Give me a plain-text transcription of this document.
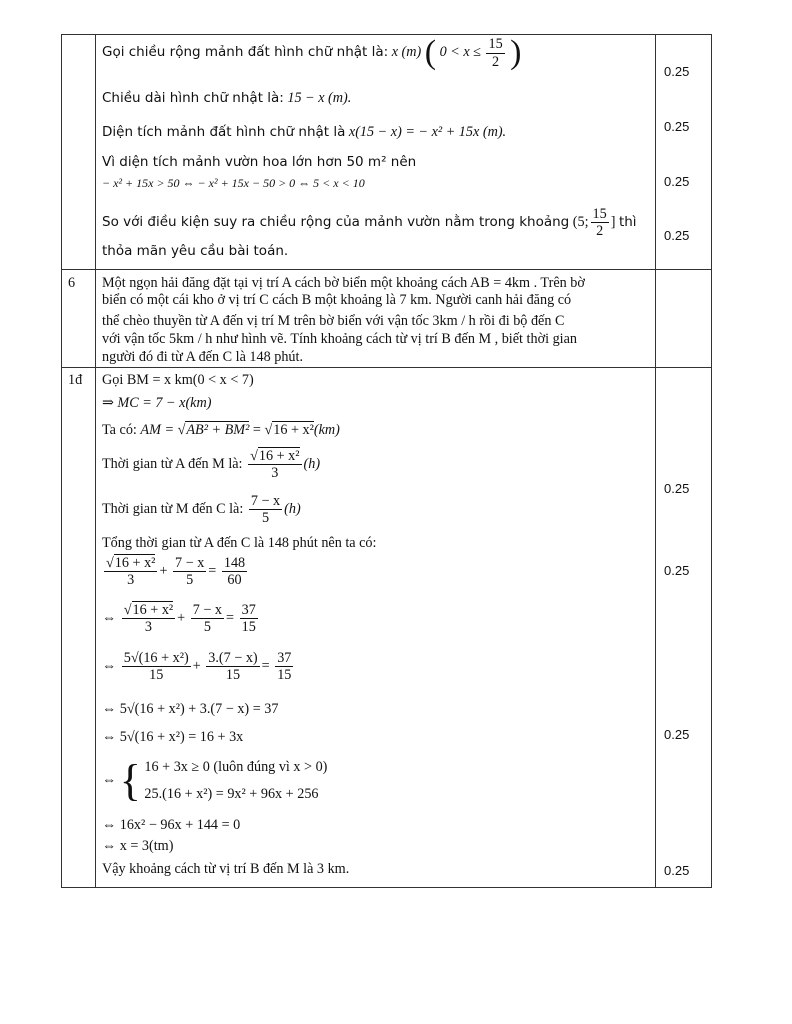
Gọi chiều rộng mảnh đất hình chữ nhật là: x (m) ( $0 < x \le \frac{15}{2}$ )
Chiều dài hình chữ nhật là: 15 − x (m).
Diện tích mảnh đất hình chữ nhật là x(15 − x) = − x² + 15x (m).
Vì diện tích mảnh vườn hoa lớn hơn 50 m² nên
− x² + 15x > 50 ⇔ − x² + 15x − 50 > 0 ⇔ 5 < x < 10
So với điều kiện suy ra chiều rộng của mảnh vườn nằm trong khoảng (5; $\frac{15}{2}$ ] thì
thỏa mãn yêu cầu bài toán.
0.25
0.25
0.25
0.25
6 Một ngọn hải đăng đặt tại vị trí A cách bờ biển một khoảng cách AB = 4km . Trên bờ
biển có một cái kho ở vị trí C cách B một khoảng là 7 km. Người canh hải đăng có
thể chèo thuyền từ A đến vị trí M trên bờ biển với vận tốc 3km / h rồi đi bộ đến C
với vận tốc 5km / h như hình vẽ. Tính khoảng cách từ vị trí B đến M , biết thời gian
người đó đi từ A đến C là 148 phút.
1đ Gọi BM = x km(0 < x < 7)
⇒ MC = 7 − x(km)
Ta có: AM = √AB² + BM² = √16 + x²(km)
Thời gian từ A đến M là: $\frac{\text{√16 + x²}}{3} (h)$
Thời gian từ M đến C là: $\frac{7 - x}{5} (h)$
Tổng thời gian từ A đến C là 148 phút nên ta có:
$\frac{\text{√16 + x²}}{3} + \frac{7 - x}{5} = \frac{148}{60}$
⇔ $\frac{\text{√16 + x²}}{3} + \frac{7 - x}{5} = \frac{37}{15}$
⇔ $\frac{\text{5√(16 + x²)}}{15} + \frac{3.(7 - x)}{15} = \frac{37}{15}$
⇔ 5√(16 + x²) + 3.(7 − x) = 37
⇔ 5√(16 + x²) = 16 + 3x
⇔ { 16 + 3x ≥ 0 (luôn đúng vì x > 0)
25.(16 + x²) = 9x² + 96x + 256
⇔ 16x² − 96x + 144 = 0
⇔ x = 3(tm)
Vậy khoảng cách từ vị trí B đến M là 3 km.
0.25
0.25
0.25
0.25
